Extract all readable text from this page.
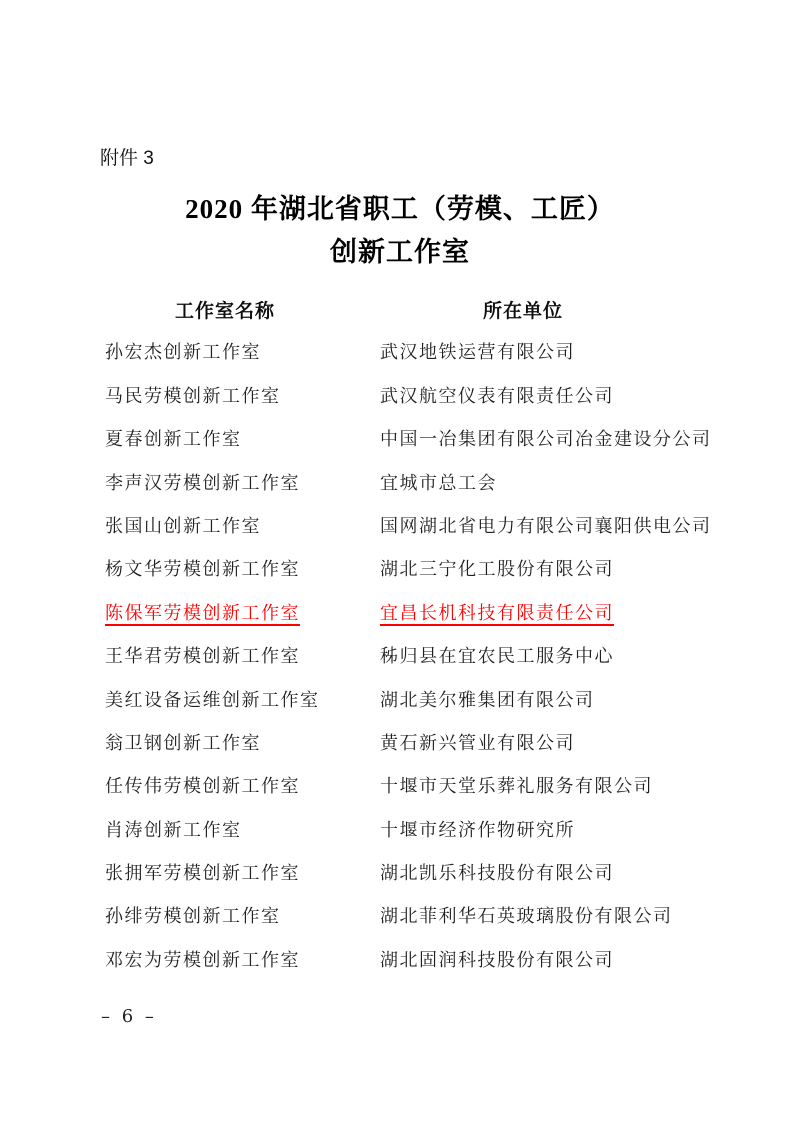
附件 3
2020 年湖北省职工（劳模、工匠）
创新工作室
工作室名称	所在单位
孙宏杰创新工作室	武汉地铁运营有限公司
马民劳模创新工作室	武汉航空仪表有限责任公司
夏春创新工作室	中国一冶集团有限公司冶金建设分公司
李声汉劳模创新工作室	宜城市总工会
张国山创新工作室	国网湖北省电力有限公司襄阳供电公司
杨文华劳模创新工作室	湖北三宁化工股份有限公司
陈保军劳模创新工作室	宜昌长机科技有限责任公司
王华君劳模创新工作室	秭归县在宜农民工服务中心
美红设备运维创新工作室	湖北美尔雅集团有限公司
翁卫钢创新工作室	黄石新兴管业有限公司
任传伟劳模创新工作室	十堰市天堂乐葬礼服务有限公司
肖涛创新工作室	十堰市经济作物研究所
张拥军劳模创新工作室	湖北凯乐科技股份有限公司
孙绯劳模创新工作室	湖北菲利华石英玻璃股份有限公司
邓宏为劳模创新工作室	湖北固润科技股份有限公司
– 6 –
